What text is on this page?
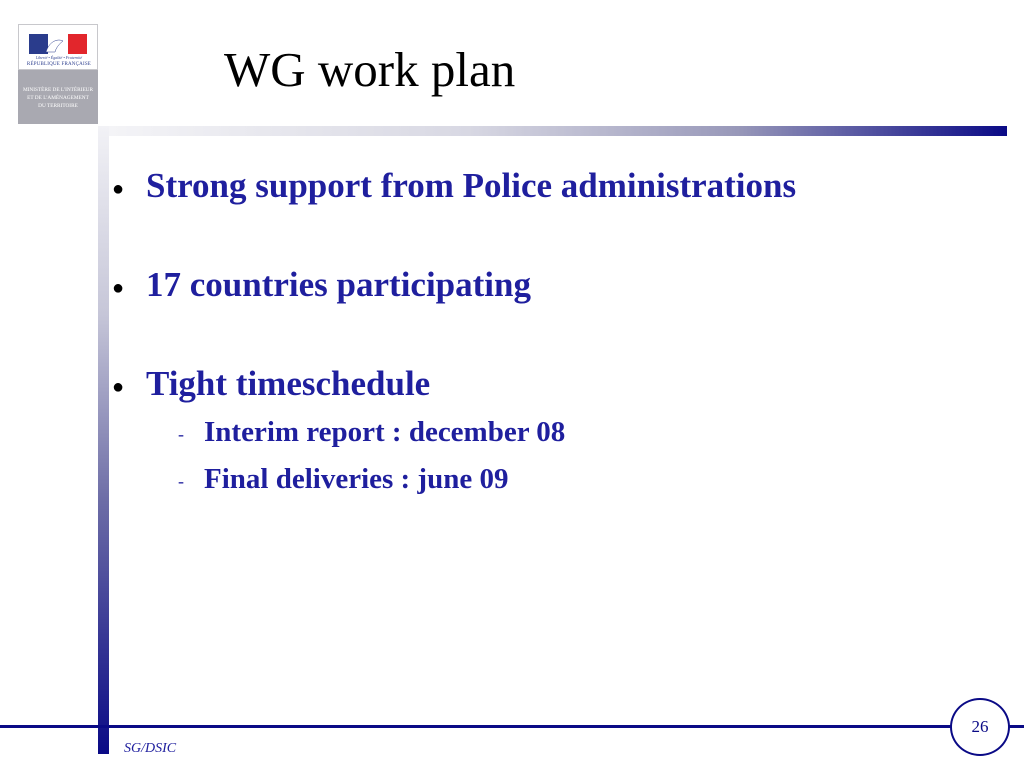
Liberté • Égalité • Fraternité
RÉPUBLIQUE FRANÇAISE
MINISTÈRE DE L'INTÉRIEUR
ET DE L'AMÉNAGEMENT
DU TERRITOIRE
WG work plan
● Strong support from Police administrations
● 17 countries participating
● Tight timeschedule
- Interim report : december 08
- Final deliveries : june 09
26
SG/DSIC
